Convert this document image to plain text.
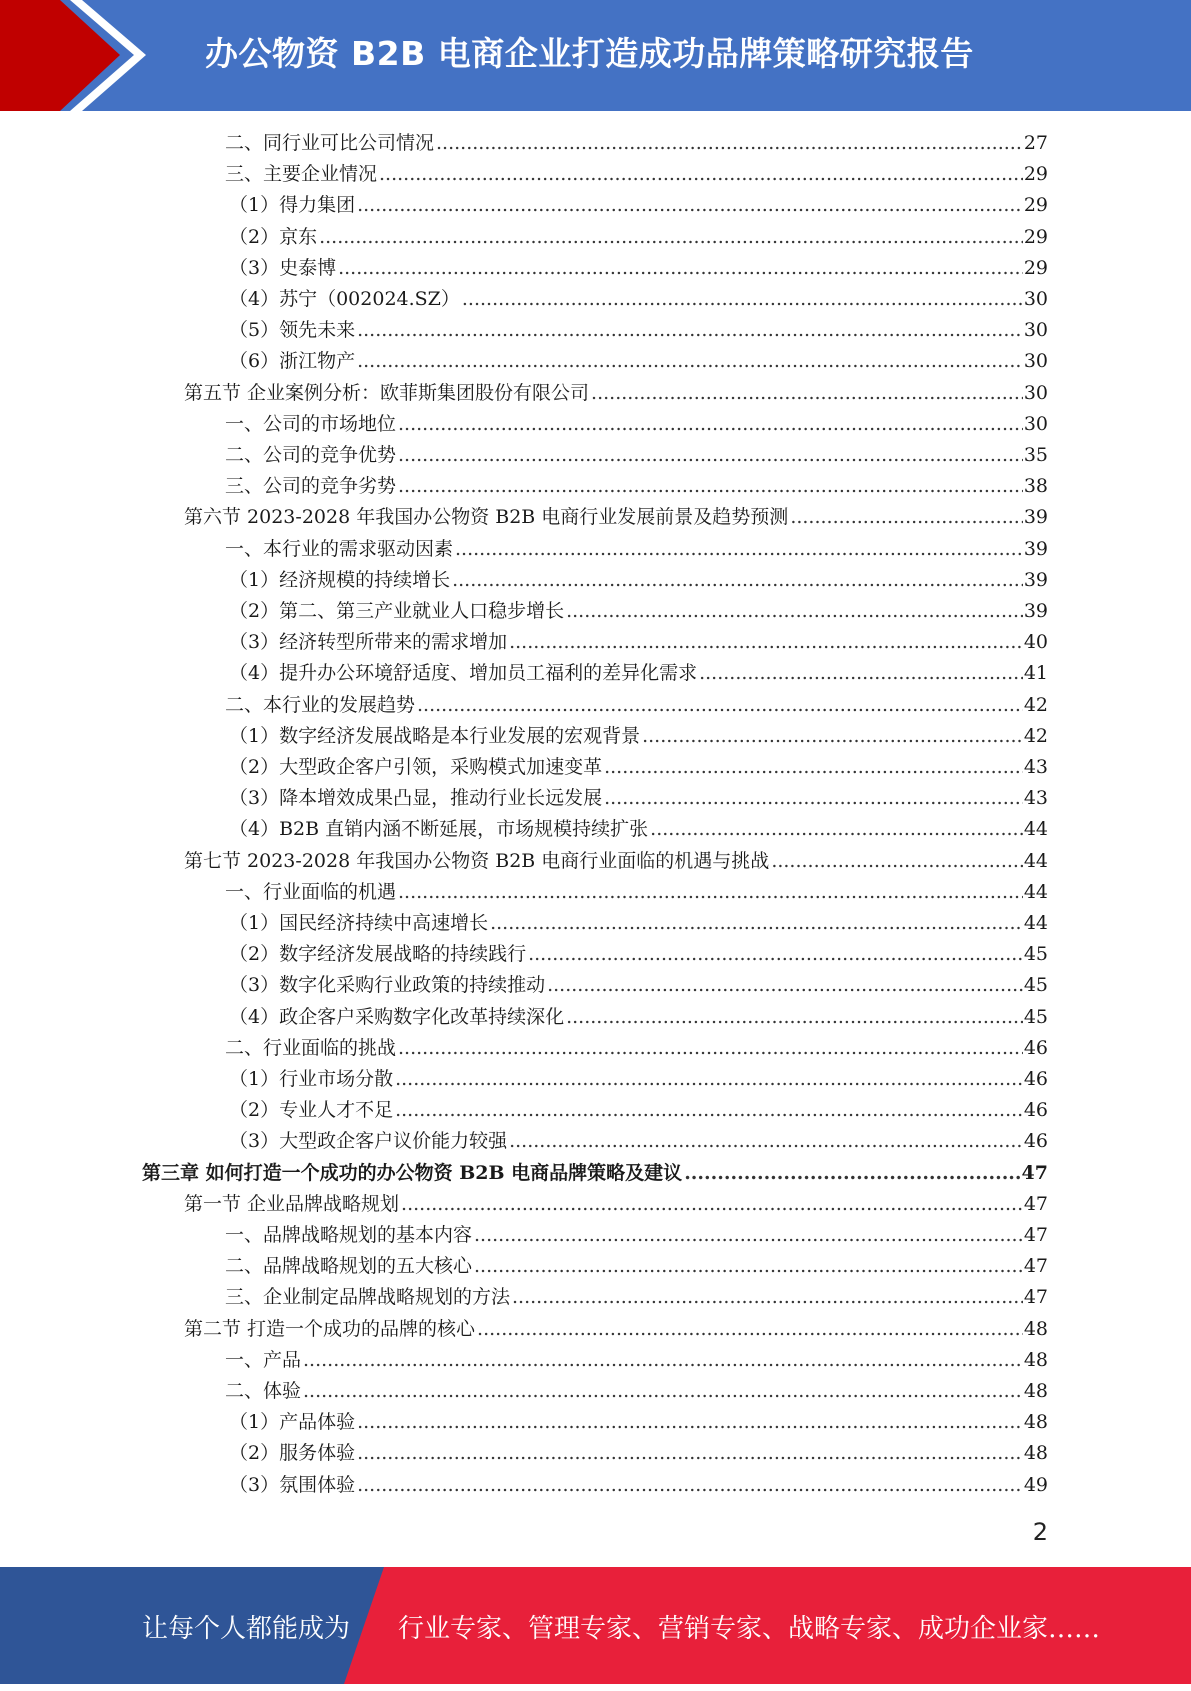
办公物资 B2B 电商企业打造成功品牌策略研究报告
二、同行业可比公司情况 .....	27
三、主要企业情况 .....	29
（1）得力集团 .....	29
（2）京东 .....	29
（3）史泰博 .....	29
（4）苏宁（002024.SZ） .....	30
（5）领先未来 .....	30
（6）浙江物产 .....	30
第五节 企业案例分析：欧菲斯集团股份有限公司 .....	30
一、公司的市场地位 .....	30
二、公司的竞争优势 .....	35
三、公司的竞争劣势 .....	38
第六节 2023-2028 年我国办公物资 B2B 电商行业发展前景及趋势预测 .....	39
一、本行业的需求驱动因素 .....	39
（1）经济规模的持续增长 .....	39
（2）第二、第三产业就业人口稳步增长 .....	39
（3）经济转型所带来的需求增加 .....	40
（4）提升办公环境舒适度、增加员工福利的差异化需求 .....	41
二、本行业的发展趋势 .....	42
（1）数字经济发展战略是本行业发展的宏观背景 .....	42
（2）大型政企客户引领，采购模式加速变革 .....	43
（3）降本增效成果凸显，推动行业长远发展 .....	43
（4）B2B 直销内涵不断延展，市场规模持续扩张 .....	44
第七节 2023-2028 年我国办公物资 B2B 电商行业面临的机遇与挑战 .....	44
一、行业面临的机遇 .....	44
（1）国民经济持续中高速增长 .....	44
（2）数字经济发展战略的持续践行 .....	45
（3）数字化采购行业政策的持续推动 .....	45
（4）政企客户采购数字化改革持续深化 .....	45
二、行业面临的挑战 .....	46
（1）行业市场分散 .....	46
（2）专业人才不足 .....	46
（3）大型政企客户议价能力较强 .....	46
第三章 如何打造一个成功的办公物资 B2B 电商品牌策略及建议 .....	47
第一节 企业品牌战略规划 .....	47
一、品牌战略规划的基本内容 .....	47
二、品牌战略规划的五大核心 .....	47
三、企业制定品牌战略规划的方法 .....	47
第二节 打造一个成功的品牌的核心 .....	48
一、产品 .....	48
二、体验 .....	48
（1）产品体验 .....	48
（2）服务体验 .....	48
（3）氛围体验 .....	49
2
让每个人都能成为 行业专家、管理专家、营销专家、战略专家、成功企业家……
